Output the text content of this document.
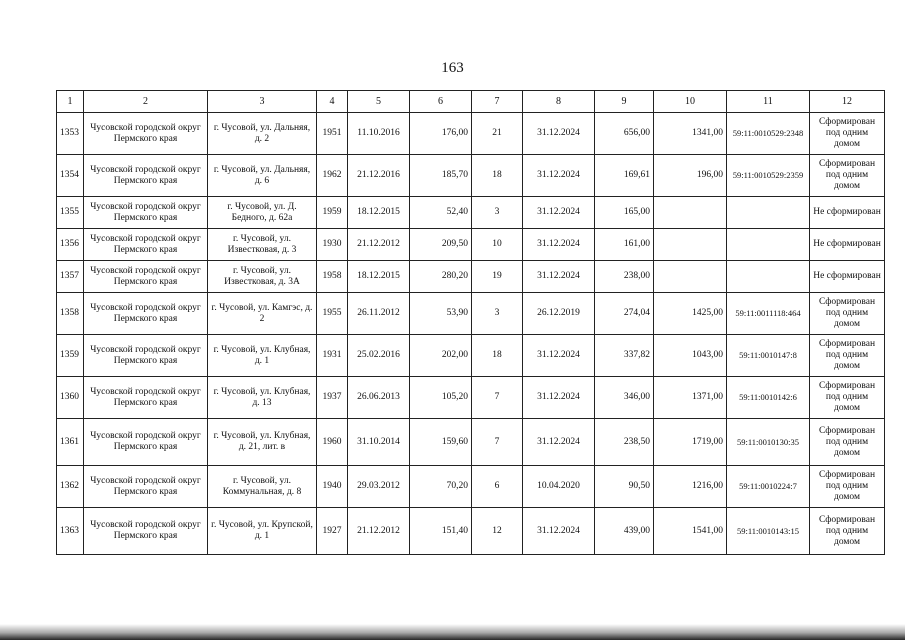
163
1	2	3	4	5	6	7	8	9	10	11	12
1353	Чусовской городской округ Пермского края	г. Чусовой, ул. Дальняя, д. 2	1951	11.10.2016	176,00	21	31.12.2024	656,00	1341,00	59:11:0010529:2348	Сформирован под одним домом
1354	Чусовской городской округ Пермского края	г. Чусовой, ул. Дальняя, д. 6	1962	21.12.2016	185,70	18	31.12.2024	169,61	196,00	59:11:0010529:2359	Сформирован под одним домом
1355	Чусовской городской округ Пермского края	г. Чусовой, ул. Д. Бедного, д. 62а	1959	18.12.2015	52,40	3	31.12.2024	165,00			Не сформирован
1356	Чусовской городской округ Пермского края	г. Чусовой, ул. Известковая, д. 3	1930	21.12.2012	209,50	10	31.12.2024	161,00			Не сформирован
1357	Чусовской городской округ Пермского края	г. Чусовой, ул. Известковая, д. 3А	1958	18.12.2015	280,20	19	31.12.2024	238,00			Не сформирован
1358	Чусовской городской округ Пермского края	г. Чусовой, ул. Камгэс, д. 2	1955	26.11.2012	53,90	3	26.12.2019	274,04	1425,00	59:11:0011118:464	Сформирован под одним домом
1359	Чусовской городской округ Пермского края	г. Чусовой, ул. Клубная, д. 1	1931	25.02.2016	202,00	18	31.12.2024	337,82	1043,00	59:11:0010147:8	Сформирован под одним домом
1360	Чусовской городской округ Пермского края	г. Чусовой, ул. Клубная, д. 13	1937	26.06.2013	105,20	7	31.12.2024	346,00	1371,00	59:11:0010142:6	Сформирован под одним домом
1361	Чусовской городской округ Пермского края	г. Чусовой, ул. Клубная, д. 21, лит. в	1960	31.10.2014	159,60	7	31.12.2024	238,50	1719,00	59:11:0010130:35	Сформирован под одним домом
1362	Чусовской городской округ Пермского края	г. Чусовой, ул. Коммунальная, д. 8	1940	29.03.2012	70,20	6	10.04.2020	90,50	1216,00	59:11:0010224:7	Сформирован под одним домом
1363	Чусовской городской округ Пермского края	г. Чусовой, ул. Крупской, д. 1	1927	21.12.2012	151,40	12	31.12.2024	439,00	1541,00	59:11:0010143:15	Сформирован под одним домом
